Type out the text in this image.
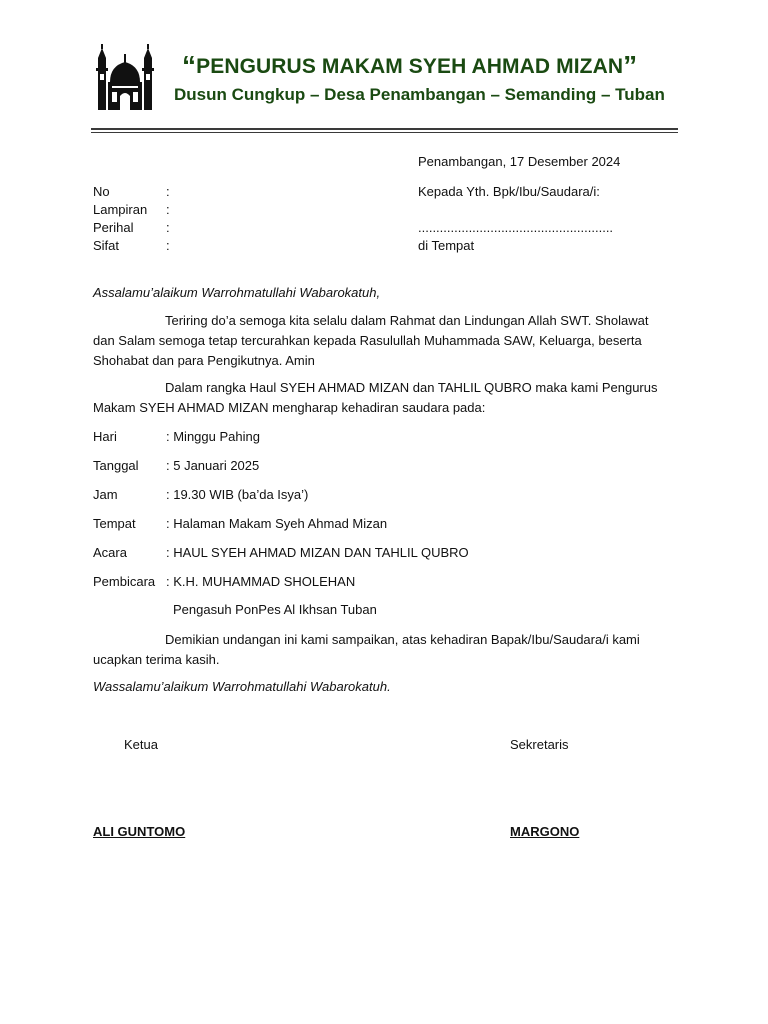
“PENGURUS MAKAM SYEH AHMAD MIZAN”
Dusun Cungkup – Desa Penambangan – Semanding – Tuban
Penambangan, 17 Desember 2024
No	:
Lampiran :
Perihal	:
Sifat	:
Kepada Yth. Bpk/Ibu/Saudara/i:
......................................................
di Tempat
Assalamu’alaikum Warrohmatullahi Wabarokatuh,
Teriring do’a semoga kita selalu dalam Rahmat dan Lindungan Allah SWT. Sholawat dan Salam semoga tetap tercurahkan kepada Rasulullah Muhammada SAW, Keluarga, beserta Shohabat dan para Pengikutnya. Amin
Dalam rangka Haul SYEH AHMAD MIZAN dan TAHLIL QUBRO maka kami Pengurus Makam SYEH AHMAD MIZAN mengharap kehadiran saudara pada:
Hari	: Minggu Pahing
Tanggal : 5 Januari 2025
Jam	: 19.30 WIB (ba’da Isya’)
Tempat : Halaman Makam Syeh Ahmad Mizan
Acara	: HAUL SYEH AHMAD MIZAN DAN TAHLIL QUBRO
Pembicara : K.H. MUHAMMAD SHOLEHAN
Pengasuh PonPes Al Ikhsan Tuban
Demikian undangan ini kami sampaikan, atas kehadiran Bapak/Ibu/Saudara/i kami ucapkan terima kasih.
Wassalamu’alaikum Warrohmatullahi Wabarokatuh.
Ketua	Sekretaris
ALI GUNTOMO	MARGONO
